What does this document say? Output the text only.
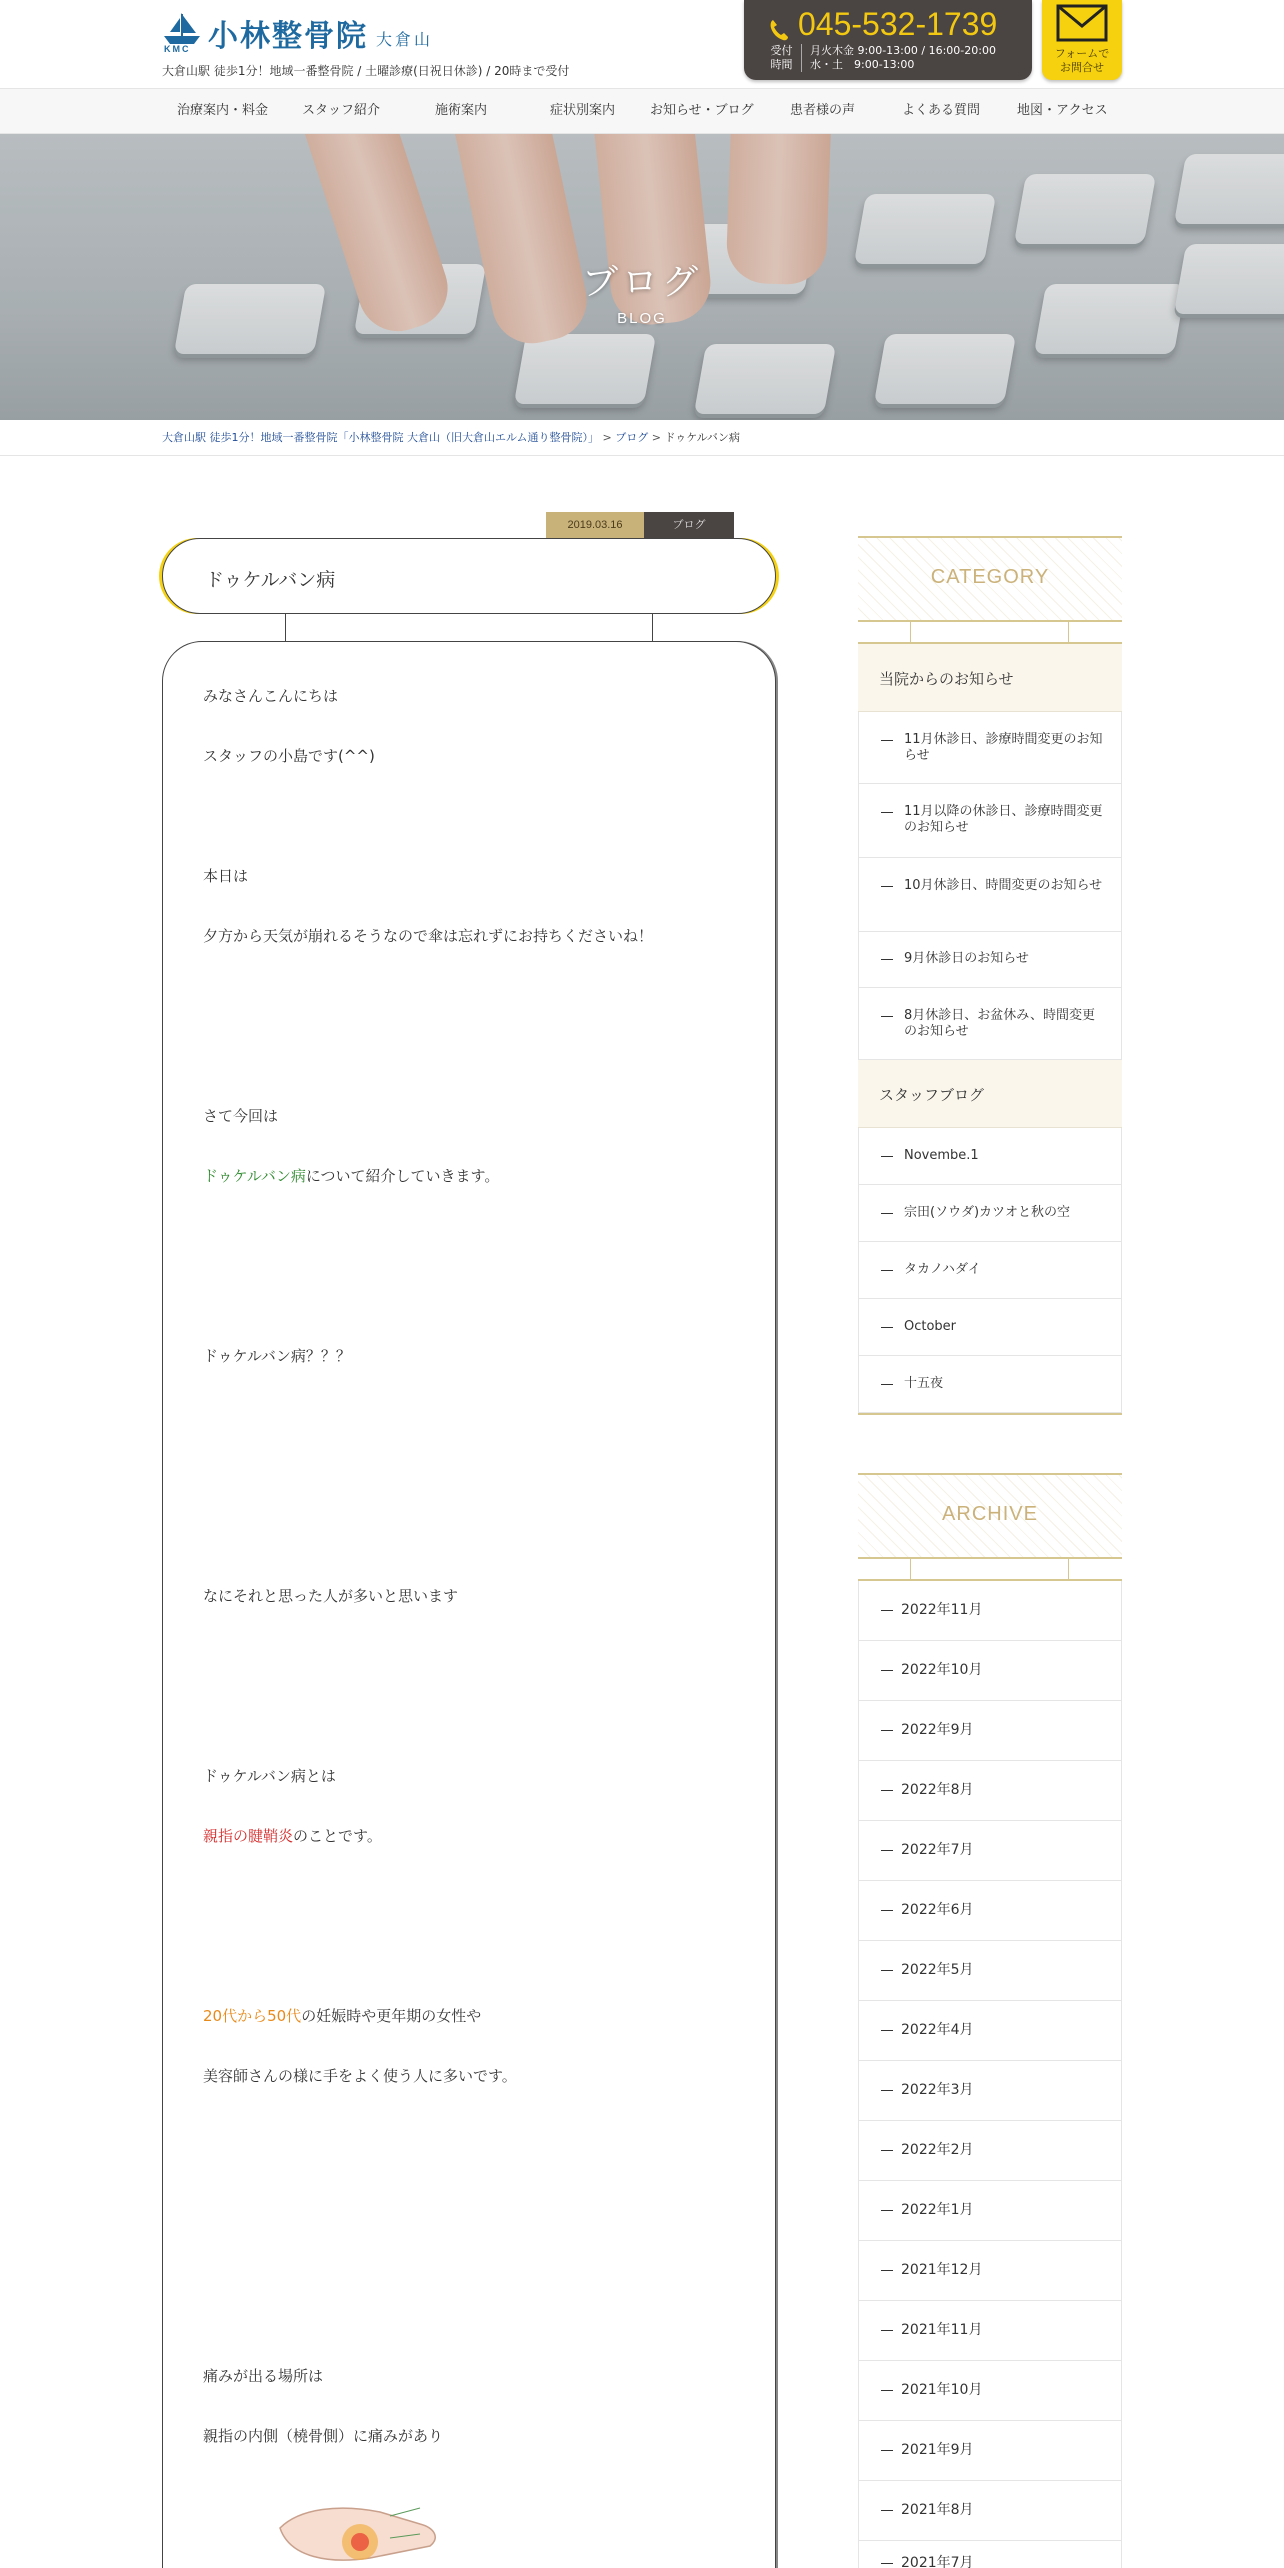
KMC 小林整骨院 大倉山
大倉山駅 徒歩1分！地域一番整骨院 / 土曜診療(日祝日休診) / 20時まで受付
045-532-1739
受付
時間
月火木金 9:00-13:00 / 16:00-20:00
水・土　9:00-13:00
フォームで
お問合せ
治療案内・料金	スタッフ紹介	施術案内	症状別案内	お知らせ・ブログ	患者様の声	よくある質問	地図・アクセス
ブログ
BLOG
大倉山駅 徒歩1分！地域一番整骨院「小林整骨院 大倉山（旧大倉山エルム通り整骨院）」 > ブログ > ドゥケルバン病
2019.03.16	ブログ
ドゥケルバン病
みなさんこんにちは
スタッフの小島です(^^)
本日は
夕方から天気が崩れるそうなので傘は忘れずにお持ちくださいね！
さて今回は
ドゥケルバン病について紹介していきます。
ドゥケルバン病？？？
なにそれと思った人が多いと思います
ドゥケルバン病とは
親指の腱鞘炎のことです。
20代から50代の妊娠時や更年期の女性や
美容師さんの様に手をよく使う人に多いです。
痛みが出る場所は
親指の内側（橈骨側）に痛みがあり
CATEGORY
当院からのお知らせ
11月休診日、診療時間変更のお知らせ
11月以降の休診日、診療時間変更のお知らせ
10月休診日、時間変更のお知らせ
9月休診日のお知らせ
8月休診日、お盆休み、時間変更のお知らせ
スタッフブログ
Novembe.1
宗田(ソウダ)カツオと秋の空
タカノハダイ
October
十五夜
ARCHIVE
2022年11月
2022年10月
2022年9月
2022年8月
2022年7月
2022年6月
2022年5月
2022年4月
2022年3月
2022年2月
2022年1月
2021年12月
2021年11月
2021年10月
2021年9月
2021年8月
2021年7月
